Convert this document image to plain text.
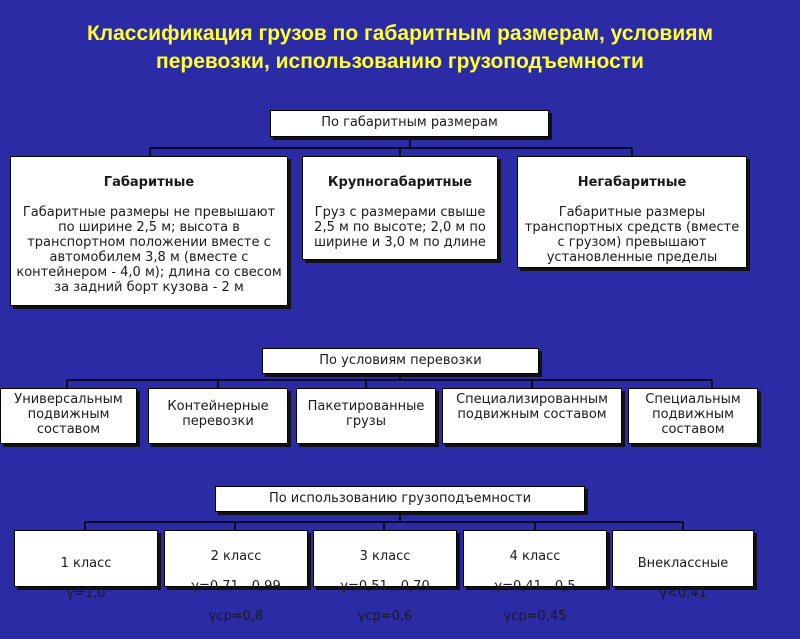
Классификация грузов по габаритным размерам, условиям перевозки, использованию грузоподъемности
По габаритным размерам

Габаритные

Габаритные размеры не превышают по ширине 2,5 м; высота в транспортном положении вместе с автомобилем 3,8 м (вместе с контейнером - 4,0 м); длина со свесом за задний борт кузова - 2 м

Крупногабаритные

Груз с размерами свыше 2,5 м по высоте; 2,0 м по ширине и 3,0 м по длине

Негабаритные

Габаритные размеры транспортных средств (вместе с грузом) превышают установленные пределы

По условиям перевозки
Универсальным подвижным составом
Контейнерные перевозки
Пакетированные грузы
Специализированным подвижным составом
Специальным подвижным составом
По использованию грузоподъемности

1 класс

γ=1,0

2 класс

γ=0,71…0,99

γср=0,8

3 класс

γ=0,51…0,70

γср=0,6

4 класс

γ=0,41…0,5

γср=0,45

Внеклассные

γ<0,41
